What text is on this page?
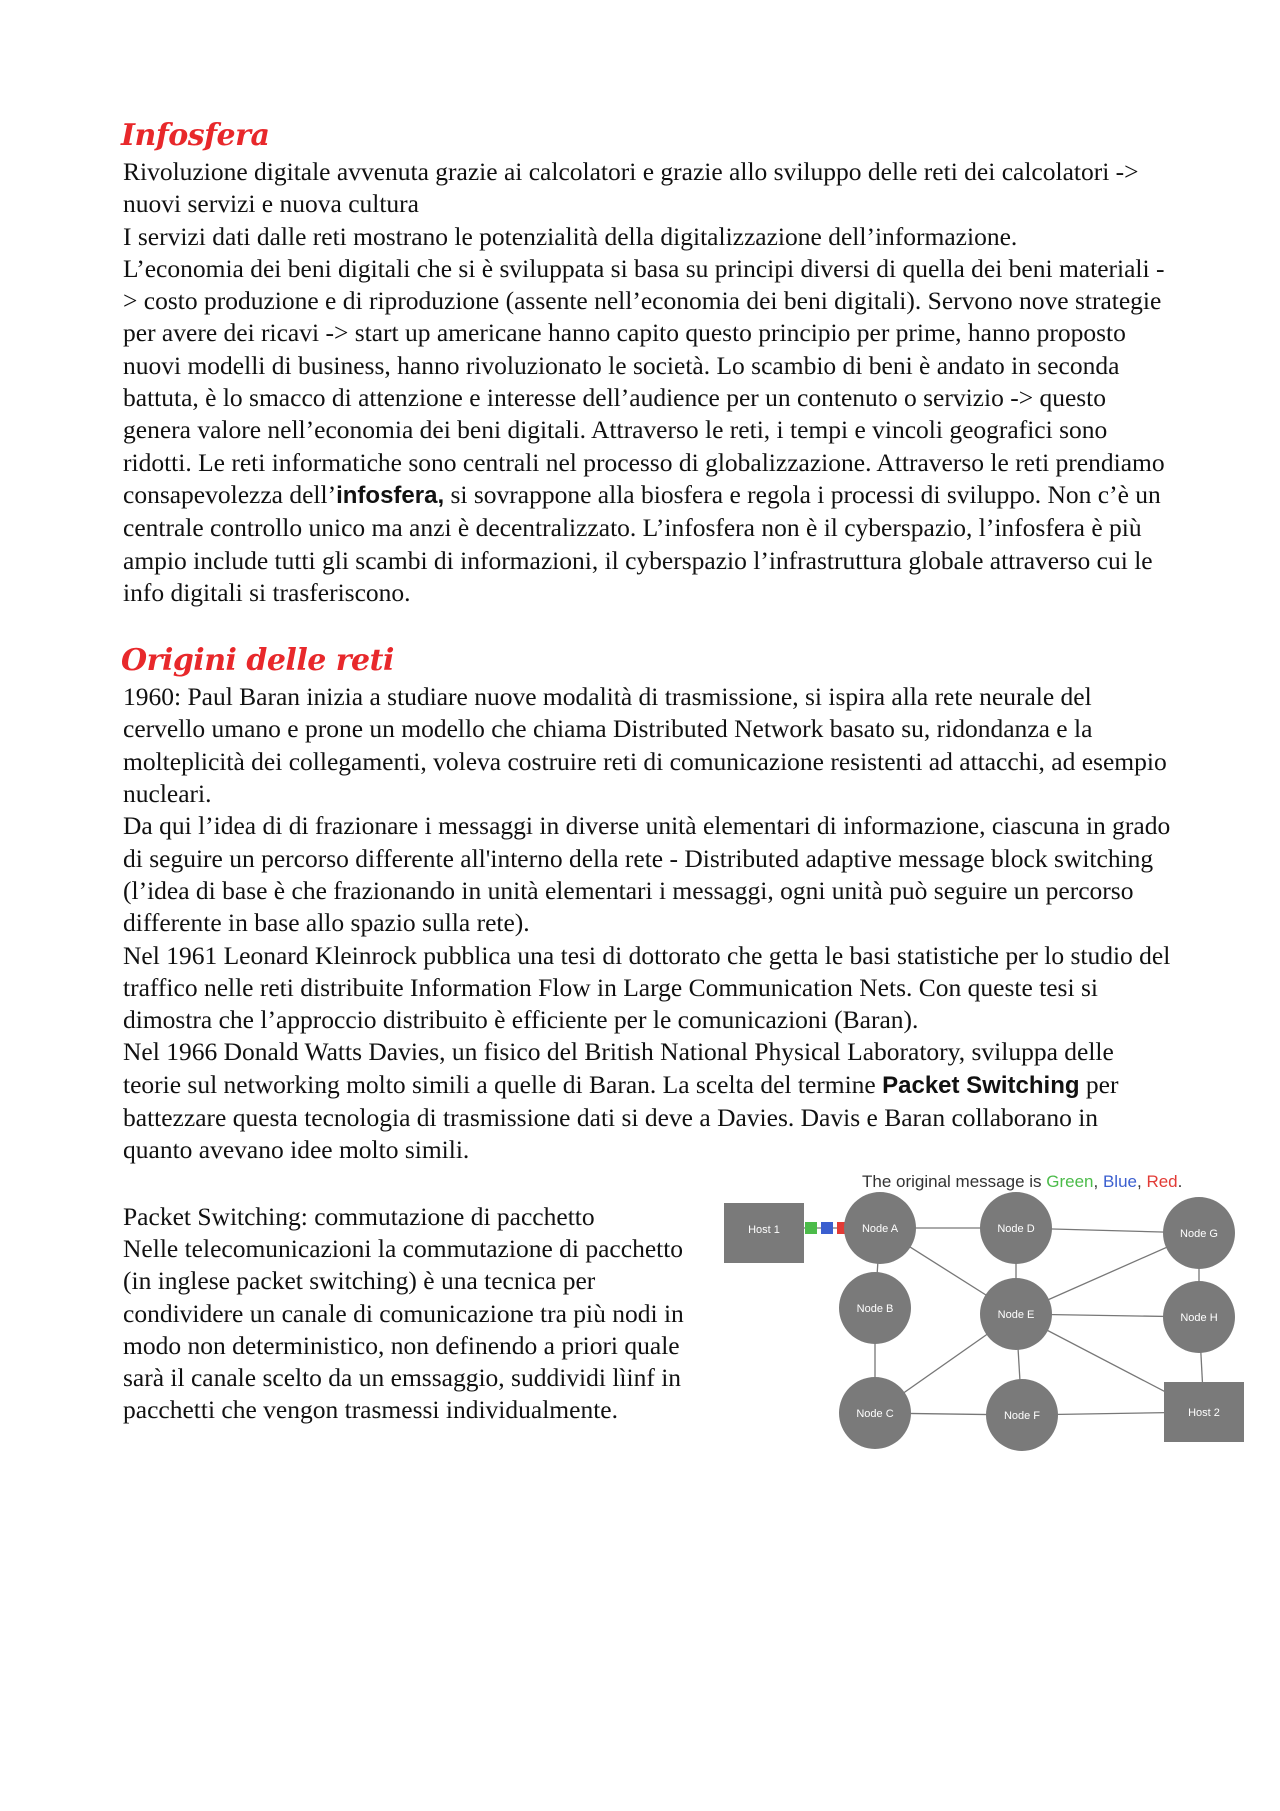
Infosfera

Rivoluzione digitale avvenuta grazie ai calcolatori e grazie allo sviluppo delle reti dei calcolatori -> nuovi servizi e nuova cultura

I servizi dati dalle reti mostrano le potenzialità della digitalizzazione dell’informazione.

L’economia dei beni digitali che si è sviluppata si basa su principi diversi di quella dei beni materiali -> costo produzione e di riproduzione (assente nell’economia dei beni digitali). Servono nove strategie per avere dei ricavi -> start up americane hanno capito questo principio per prime, hanno proposto nuovi modelli di business, hanno rivoluzionato le società. Lo scambio di beni è andato in seconda battuta, è lo smacco di attenzione e interesse dell’audience per un contenuto o servizio -> questo genera valore nell’economia dei beni digitali. Attraverso le reti, i tempi e vincoli geografici sono ridotti. Le reti informatiche sono centrali nel processo di globalizzazione. Attraverso le reti prendiamo consapevolezza dell’infosfera, si sovrappone alla biosfera e regola i processi di sviluppo. Non c’è un centrale controllo unico ma anzi è decentralizzato. L’infosfera non è il cyberspazio, l’infosfera è più ampio include tutti gli scambi di informazioni, il cyberspazio l’infrastruttura globale attraverso cui le info digitali si trasferiscono.

Origini delle reti

1960: Paul Baran inizia a studiare nuove modalità di trasmissione, si ispira alla rete neurale del cervello umano e prone un modello che chiama Distributed Network basato su, ridondanza e la molteplicità dei collegamenti, voleva costruire reti di comunicazione resistenti ad attacchi, ad esempio nucleari.

Da qui l’idea di di frazionare i messaggi in diverse unità elementari di informazione, ciascuna in grado di seguire un percorso differente all'interno della rete - Distributed adaptive message block switching (l’idea di base è che frazionando in unità elementari i messaggi, ogni unità può seguire un percorso differente in base allo spazio sulla rete).

Nel 1961 Leonard Kleinrock pubblica una tesi di dottorato che getta le basi statistiche per lo studio del traffico nelle reti distribuite Information Flow in Large Communication Nets. Con queste tesi si dimostra che l’approccio distribuito è efficiente per le comunicazioni (Baran).

Nel 1966 Donald Watts Davies, un fisico del British National Physical Laboratory, sviluppa delle teorie sul networking molto simili a quelle di Baran. La scelta del termine Packet Switching per battezzare questa tecnologia di trasmissione dati si deve a Davies. Davis e Baran collaborano in quanto avevano idee molto simili.

Packet Switching: commutazione di pacchetto

Nelle telecomunicazioni la commutazione di pacchetto (in inglese packet switching) è una tecnica per condividere un canale di comunicazione tra più nodi in modo non deterministico, non definendo a priori quale sarà il canale scelto da un emssaggio, suddividi lìinf in pacchetti che vengon trasmessi individualmente.

The original message is Green, Blue, Red.
Host 1	Node A	Node D	Node G
Node B	Node E	Node H
Node C	Node F	Host 2
